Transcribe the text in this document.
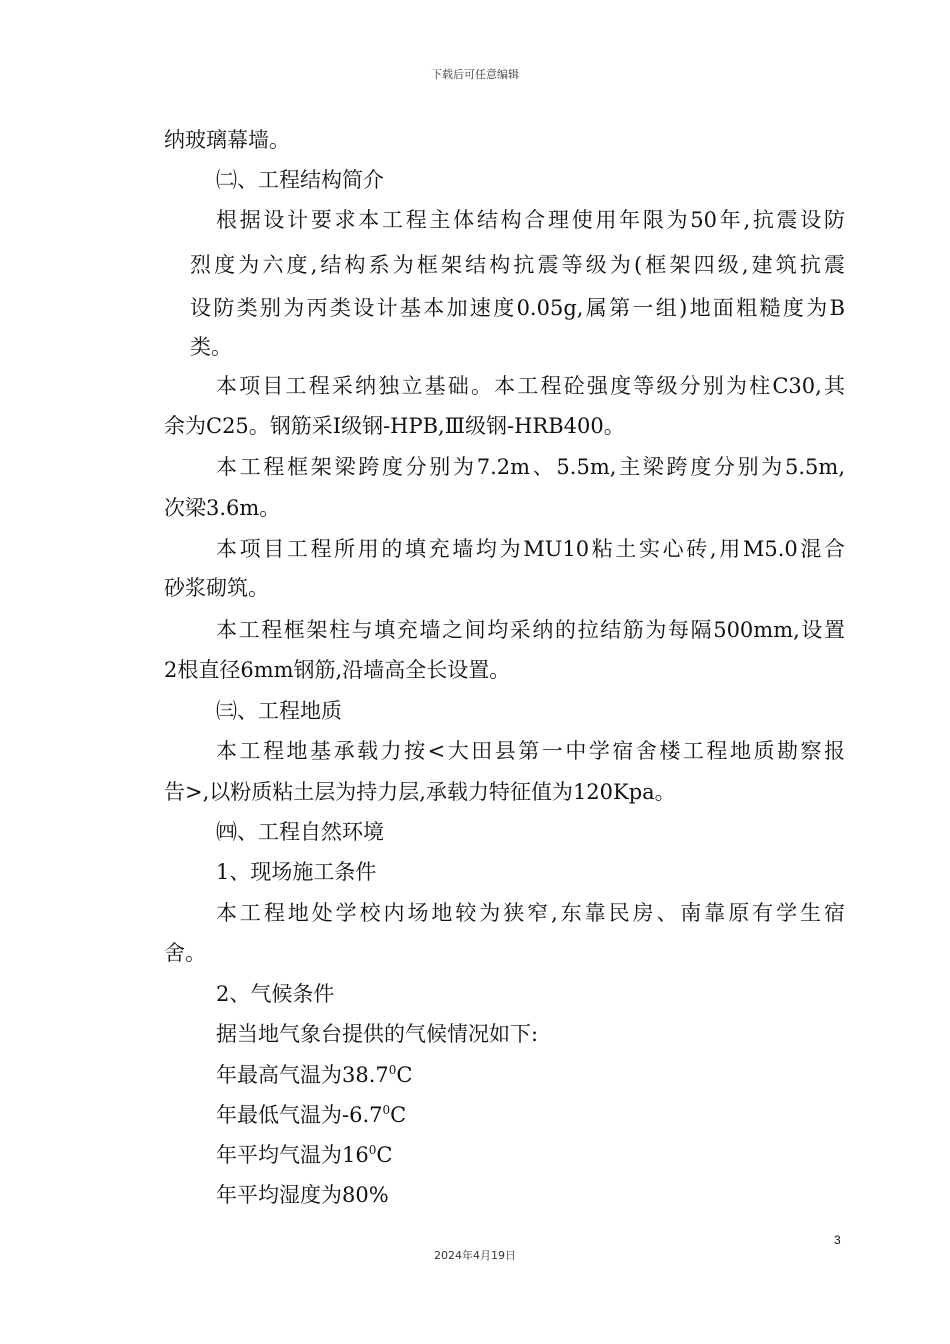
下载后可任意编辑
纳玻璃幕墙。
㈡、工程结构简介
根据设计要求本工程主体结构合理使用年限为50年,抗震设防
烈度为六度,结构系为框架结构抗震等级为(框架四级,建筑抗震
设防类别为丙类设计基本加速度0.05g,属第一组)地面粗糙度为B
类。
本项目工程采纳独立基础。本工程砼强度等级分别为柱C30,其
余为C25。钢筋采Ⅰ级钢-HPB,Ⅲ级钢-HRB400。
本工程框架梁跨度分别为7.2m、5.5m,主梁跨度分别为5.5m,
次梁3.6m。
本项目工程所用的填充墙均为MU10粘土实心砖,用M5.0混合
砂浆砌筑。
本工程框架柱与填充墙之间均采纳的拉结筋为每隔500mm,设置
2根直径6mm钢筋,沿墙高全长设置。
㈢、工程地质
本工程地基承载力按<大田县第一中学宿舍楼工程地质勘察报
告>,以粉质粘土层为持力层,承载力特征值为120Kpa。
㈣、工程自然环境
1、现场施工条件
本工程地处学校内场地较为狭窄,东靠民房、南靠原有学生宿
舍。
2、气候条件
据当地气象台提供的气候情况如下:
年最高气温为38.7$^0$C
年最低气温为$-6.7^0C$
年平均气温为$16^0C$
年平均湿度为80%
3
2024年4月19日
